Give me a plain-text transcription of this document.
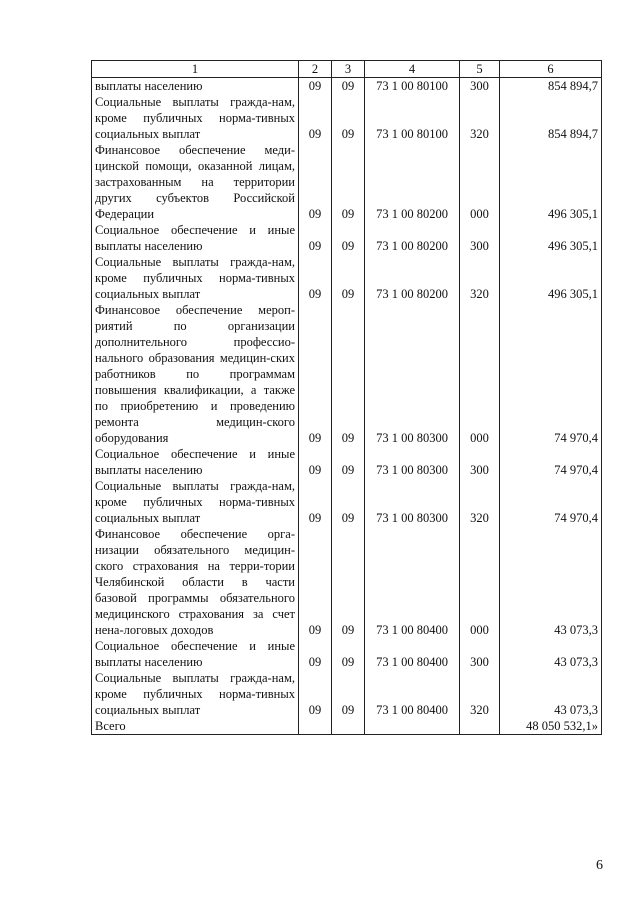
1	2	3	4	5	6
выплаты населению	09	09	73 1 00 80100	300	854 894,7
Социальные выплаты гражда-нам, кроме публичных норма-тивных социальных выплат	09	09	73 1 00 80100	320	854 894,7
Финансовое обеспечение меди-цинской помощи, оказанной лицам, застрахованным на территории других субъектов Российской Федерации	09	09	73 1 00 80200	000	496 305,1
Социальное обеспечение и иные выплаты населению	09	09	73 1 00 80200	300	496 305,1
Социальные выплаты гражда-нам, кроме публичных норма-тивных социальных выплат	09	09	73 1 00 80200	320	496 305,1
Финансовое обеспечение мероп-риятий по организации дополнительного профессио-нального образования медицин-ских работников по программам повышения квалификации, а также по приобретению и проведению ремонта медицин-ского оборудования	09	09	73 1 00 80300	000	74 970,4
Социальное обеспечение и иные выплаты населению	09	09	73 1 00 80300	300	74 970,4
Социальные выплаты гражда-нам, кроме публичных норма-тивных социальных выплат	09	09	73 1 00 80300	320	74 970,4
Финансовое обеспечение орга-низации обязательного медицин-ского страхования на терри-тории Челябинской области в части базовой программы обязательного медицинского страхования за счет нена-логовых доходов	09	09	73 1 00 80400	000	43 073,3
Социальное обеспечение и иные выплаты населению	09	09	73 1 00 80400	300	43 073,3
Социальные выплаты гражда-нам, кроме публичных норма-тивных социальных выплат	09	09	73 1 00 80400	320	43 073,3
Всего					48 050 532,1»
6
